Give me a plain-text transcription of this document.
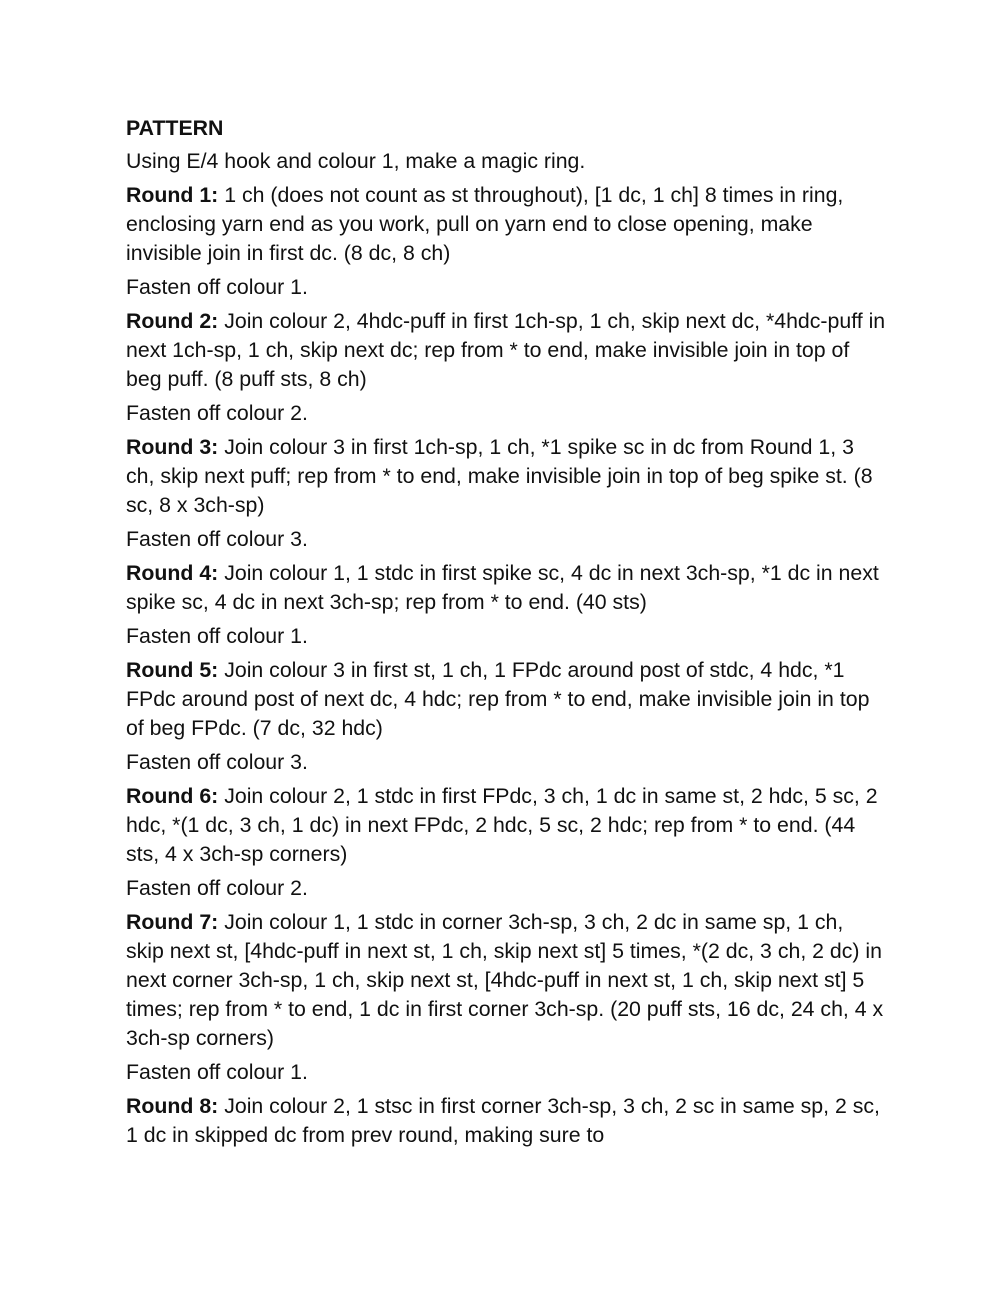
PATTERN
Using E/4 hook and colour 1, make a magic ring.
Round 1: 1 ch (does not count as st throughout), [1 dc, 1 ch] 8 times in ring, enclosing yarn end as you work, pull on yarn end to close opening, make invisible join in first dc. (8 dc, 8 ch)
Fasten off colour 1.
Round 2: Join colour 2, 4hdc-puff in first 1ch-sp, 1 ch, skip next dc, *4hdc-puff in next 1ch-sp, 1 ch, skip next dc; rep from * to end, make invisible join in top of beg puff. (8 puff sts, 8 ch)
Fasten off colour 2.
Round 3: Join colour 3 in first 1ch-sp, 1 ch, *1 spike sc in dc from Round 1, 3 ch, skip next puff; rep from * to end, make invisible join in top of beg spike st. (8 sc, 8 x 3ch-sp)
Fasten off colour 3.
Round 4: Join colour 1, 1 stdc in first spike sc, 4 dc in next 3ch-sp, *1 dc in next spike sc, 4 dc in next 3ch-sp; rep from * to end. (40 sts)
Fasten off colour 1.
Round 5: Join colour 3 in first st, 1 ch, 1 FPdc around post of stdc, 4 hdc, *1 FPdc around post of next dc, 4 hdc; rep from * to end, make invisible join in top of beg FPdc. (7 dc, 32 hdc)
Fasten off colour 3.
Round 6: Join colour 2, 1 stdc in first FPdc, 3 ch, 1 dc in same st, 2 hdc, 5 sc, 2 hdc, *(1 dc, 3 ch, 1 dc) in next FPdc, 2 hdc, 5 sc, 2 hdc; rep from * to end. (44 sts, 4 x 3ch-sp corners)
Fasten off colour 2.
Round 7: Join colour 1, 1 stdc in corner 3ch-sp, 3 ch, 2 dc in same sp, 1 ch, skip next st, [4hdc-puff in next st, 1 ch, skip next st] 5 times, *(2 dc, 3 ch, 2 dc) in next corner 3ch-sp, 1 ch, skip next st, [4hdc-puff in next st, 1 ch, skip next st] 5 times; rep from * to end, 1 dc in first corner 3ch-sp. (20 puff sts, 16 dc, 24 ch, 4 x 3ch-sp corners)
Fasten off colour 1.
Round 8: Join colour 2, 1 stsc in first corner 3ch-sp, 3 ch, 2 sc in same sp, 2 sc, 1 dc in skipped dc from prev round, making sure to
